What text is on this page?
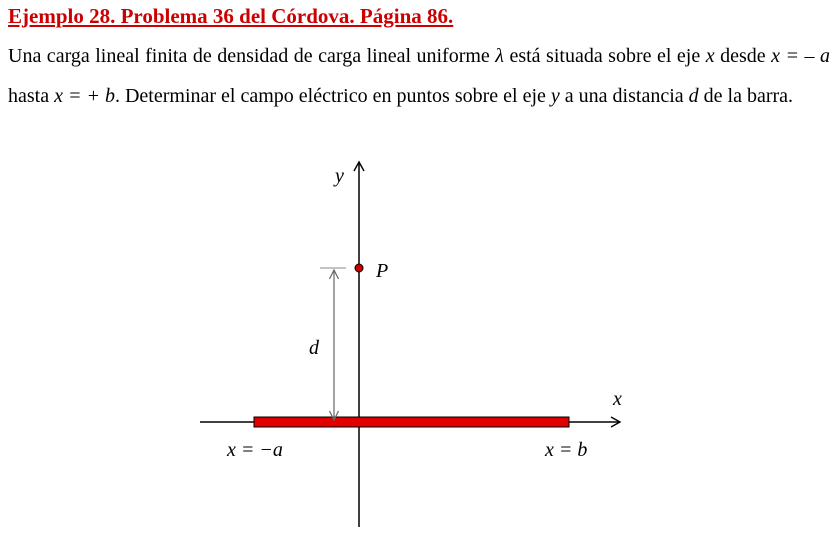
Ejemplo 28. Problema 36 del Córdova. Página 86.

Una carga lineal finita de densidad de carga lineal uniforme λ está situada sobre el eje x desde x = – a hasta x = + b. Determinar el campo eléctrico en puntos sobre el eje y a una distancia d de la barra.

y
x
P
d
x = −a	x = b
